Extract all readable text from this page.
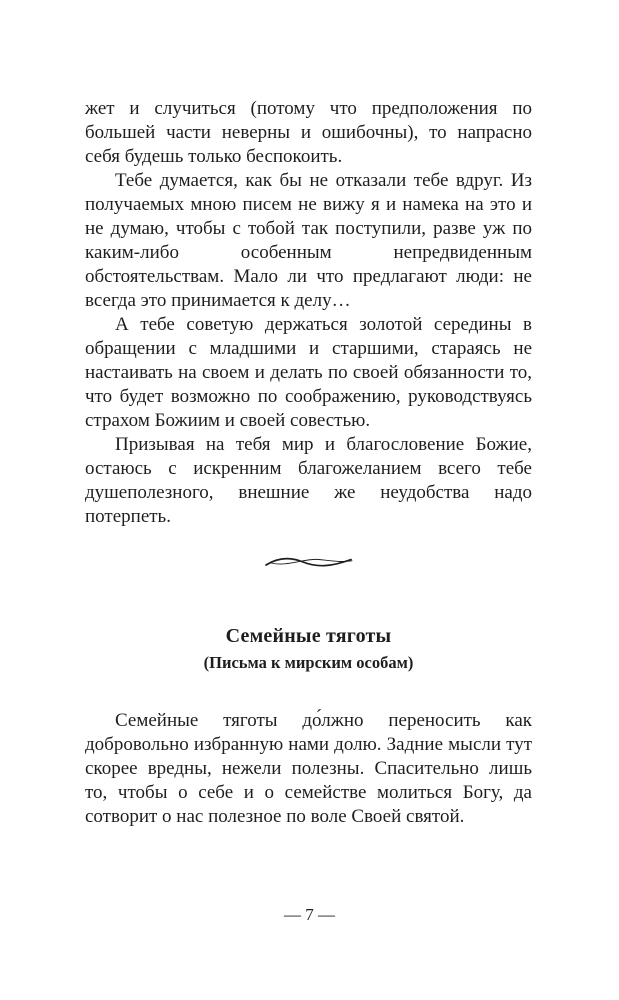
жет и случиться (потому что предположения по большей части неверны и ошибочны), то напрасно себя будешь только беспокоить.

Тебе думается, как бы не отказали тебе вдруг. Из получаемых мною писем не вижу я и намека на это и не думаю, чтобы с тобой так поступили, разве уж по каким-либо особенным непредвиденным обстоятельствам. Мало ли что предлагают люди: не всегда это принимается к делу…

А тебе советую держаться золотой середины в обращении с младшими и старшими, стараясь не настаивать на своем и делать по своей обязанности то, что будет возможно по соображению, руководствуясь страхом Божиим и своей совестью.

Призывая на тебя мир и благословение Божие, остаюсь с искренним благожеланием всего тебе душеполезного, внешние же неудобства надо потерпеть.

Семейные тяготы
(Письма к мирским особам)

Семейные тяготы до́лжно переносить как добровольно избранную нами долю. Задние мысли тут скорее вредны, нежели полезны. Спасительно лишь то, чтобы о себе и о семействе молиться Богу, да сотворит о нас полезное по воле Своей святой.

— 7 —
